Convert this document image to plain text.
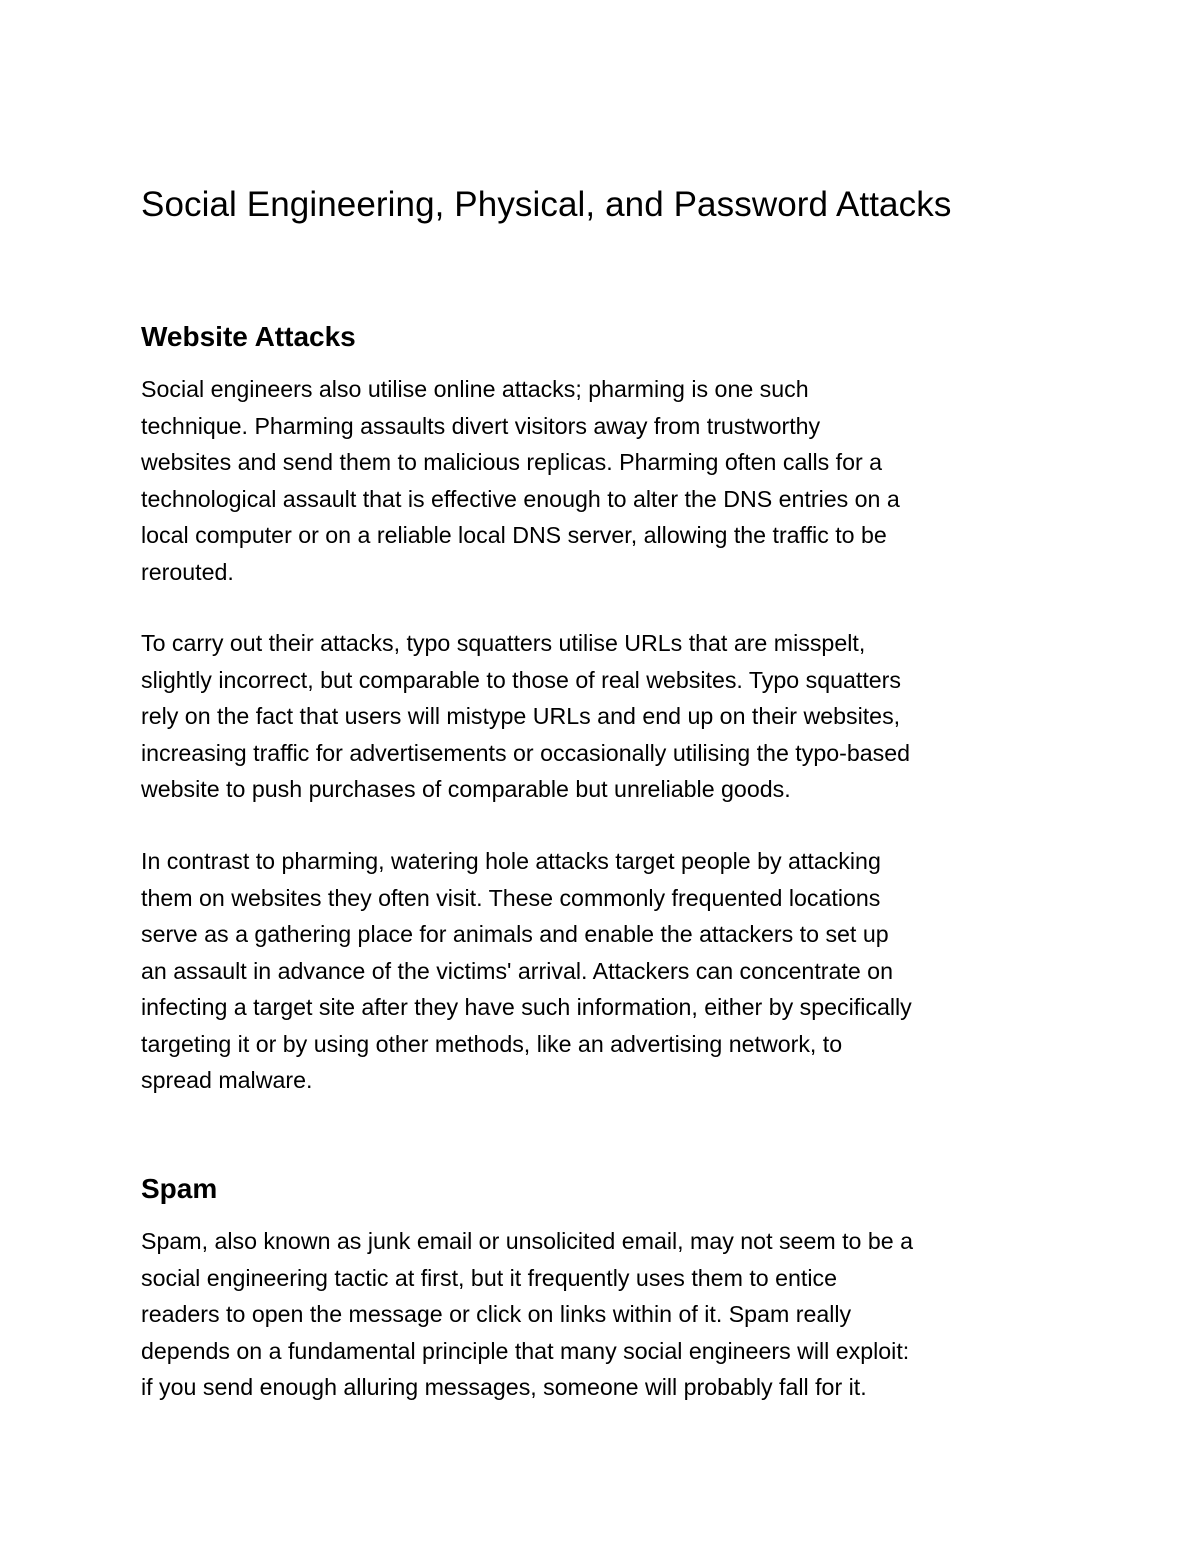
Social Engineering, Physical, and Password Attacks
Website Attacks

Social engineers also utilise online attacks; pharming is one such
technique. Pharming assaults divert visitors away from trustworthy
websites and send them to malicious replicas. Pharming often calls for a
technological assault that is effective enough to alter the DNS entries on a
local computer or on a reliable local DNS server, allowing the traffic to be
rerouted.

To carry out their attacks, typo squatters utilise URLs that are misspelt,
slightly incorrect, but comparable to those of real websites. Typo squatters
rely on the fact that users will mistype URLs and end up on their websites,
increasing traffic for advertisements or occasionally utilising the typo-based
website to push purchases of comparable but unreliable goods.

In contrast to pharming, watering hole attacks target people by attacking
them on websites they often visit. These commonly frequented locations
serve as a gathering place for animals and enable the attackers to set up
an assault in advance of the victims' arrival. Attackers can concentrate on
infecting a target site after they have such information, either by specifically
targeting it or by using other methods, like an advertising network, to
spread malware.

Spam

Spam, also known as junk email or unsolicited email, may not seem to be a
social engineering tactic at first, but it frequently uses them to entice
readers to open the message or click on links within of it. Spam really
depends on a fundamental principle that many social engineers will exploit:
if you send enough alluring messages, someone will probably fall for it.
